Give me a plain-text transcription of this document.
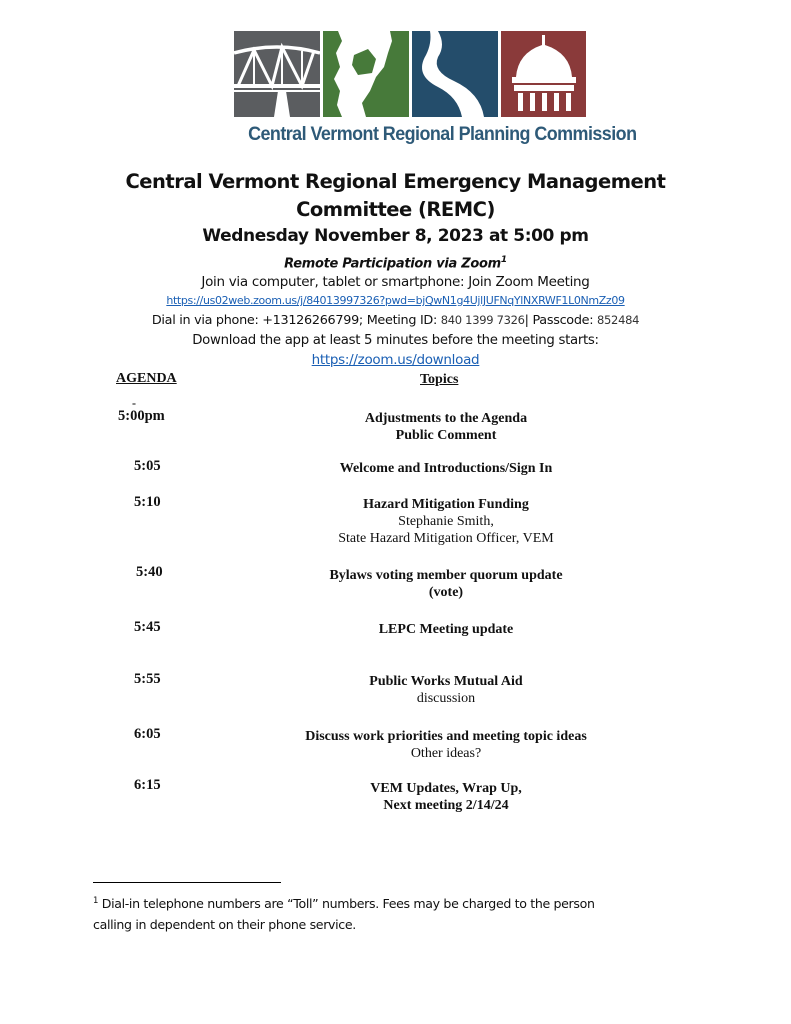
Central Vermont Regional Planning Commission
Central Vermont Regional Emergency Management
Committee (REMC)
Wednesday November 8, 2023 at 5:00 pm
Remote Participation via Zoom$^1$
Join via computer, tablet or smartphone: Join Zoom Meeting
https://us02web.zoom.us/j/84013997326?pwd=bjQwN1g4UjlJUFNqYlNXRWF1L0NmZz09
Dial in via phone: +13126266799; Meeting ID: 840 1399 7326| Passcode: 852484
Download the app at least 5 minutes before the meeting starts:
https://zoom.us/download
AGENDA	Topics
-
5:00pm	Adjustments to the Agenda
Public Comment
5:05	Welcome and Introductions/Sign In
5:10	Hazard Mitigation Funding
Stephanie Smith,
State Hazard Mitigation Officer, VEM
5:40	Bylaws voting member quorum update
(vote)
5:45	LEPC Meeting update
5:55	Public Works Mutual Aid
discussion
6:05	Discuss work priorities and meeting topic ideas
Other ideas?
6:15	VEM Updates, Wrap Up,
Next meeting 2/14/24
$^1$ Dial-in telephone numbers are “Toll” numbers. Fees may be charged to the person
calling in dependent on their phone service.
